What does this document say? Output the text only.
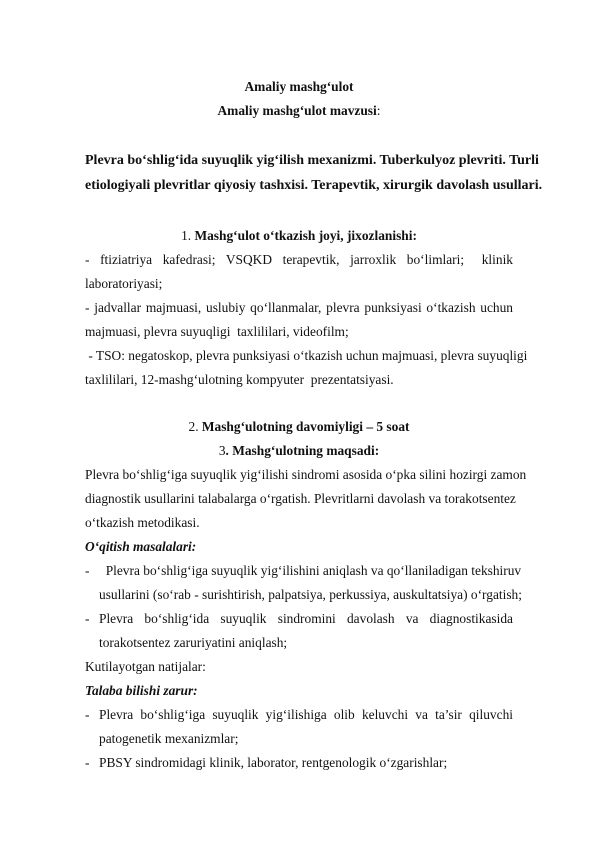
Amaliy mashg‘ulot
Amaliy mashg‘ulot mavzusi:
Plevra bo‘shlig‘ida suyuqlik yig‘ilish mexanizmi. Tuberkulyoz plevriti. Turli
etiologiyali plevritlar qiyosiy tashxisi. Terapevtik, xirurgik davolash usullari.
1. Mashg‘ulot o‘tkazish joyi, jixozlanishi:
-   ftiziatriya   kafedrasi;   VSQKD   terapevtik,   jarroxlik   bo‘limlari;     klinik
laboratoriyasi;
- jadvallar majmuasi, uslubiy qo‘llanmalar, plevra punksiyasi o‘tkazish uchun
majmuasi, plevra suyuqligi  taxlililari, videofilm;
- TSO: negatoskop, plevra punksiyasi o‘tkazish uchun majmuasi, plevra suyuqligi
taxlililari, 12-mashg‘ulotning kompyuter  prezentatsiyasi.
2. Mashg‘ulotning davomiyligi – 5 soat
3. Mashg‘ulotning maqsadi:
Plevra bo‘shlig‘iga suyuqlik yig‘ilishi sindromi asosida o‘pka silini hozirgi zamon
diagnostik usullarini talabalarga o‘rgatish. Plevritlarni davolash va torakotsentez
o‘tkazish metodikasi.
O‘qitish masalalari:
- Plevra bo‘shlig‘iga suyuqlik yig‘ilishini aniqlash va qo‘llaniladigan tekshiruv
usullarini (so‘rab - surishtirish, palpatsiya, perkussiya, auskultatsiya) o‘rgatish;
- Plevra bo‘shlig‘ida suyuqlik sindromini davolash va diagnostikasida
torakotsentez zaruriyatini aniqlash;
Kutilayotgan natijalar:
Talaba bilishi zarur:
- Plevra bo‘shlig‘iga suyuqlik yig‘ilishiga olib keluvchi va ta’sir qiluvchi
patogenetik mexanizmlar;
- PBSY sindromidagi klinik, laborator, rentgenologik o‘zgarishlar;
